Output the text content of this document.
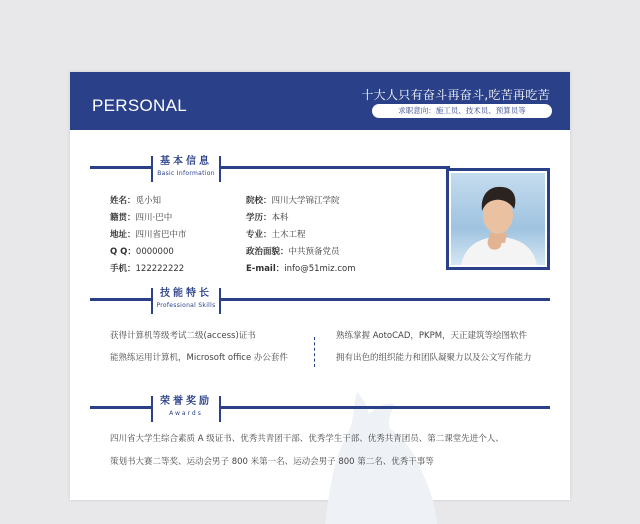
PERSONAL RESUME
十大人只有奋斗再奋斗,吃苦再吃苦
求职意向：施工员、技术员、预算员等
基本信息
Basic Information
姓名：觅小知
籍贯：四川·巴中
地址：四川省巴中市
Q Q：0000000
手机：122222222
院校：四川大学锦江学院
学历：本科
专业：土木工程
政治面貌：中共预备党员
E-mail：info@51miz.com
技能特长
Professional Skills
获得计算机等级考试二级(access)证书
能熟练运用计算机，Microsoft office 办公套件
熟练掌握 AotoCAD，PKPM，天正建筑等绘图软件
拥有出色的组织能力和团队凝聚力以及公文写作能力
荣誉奖励
Awards
四川省大学生综合素质 A 级证书、优秀共青团干部、优秀学生干部、优秀共青团员、第二课堂先进个人、
策划书大赛二等奖、运动会男子 800 米第一名、运动会男子 800 第二名、优秀干事等
